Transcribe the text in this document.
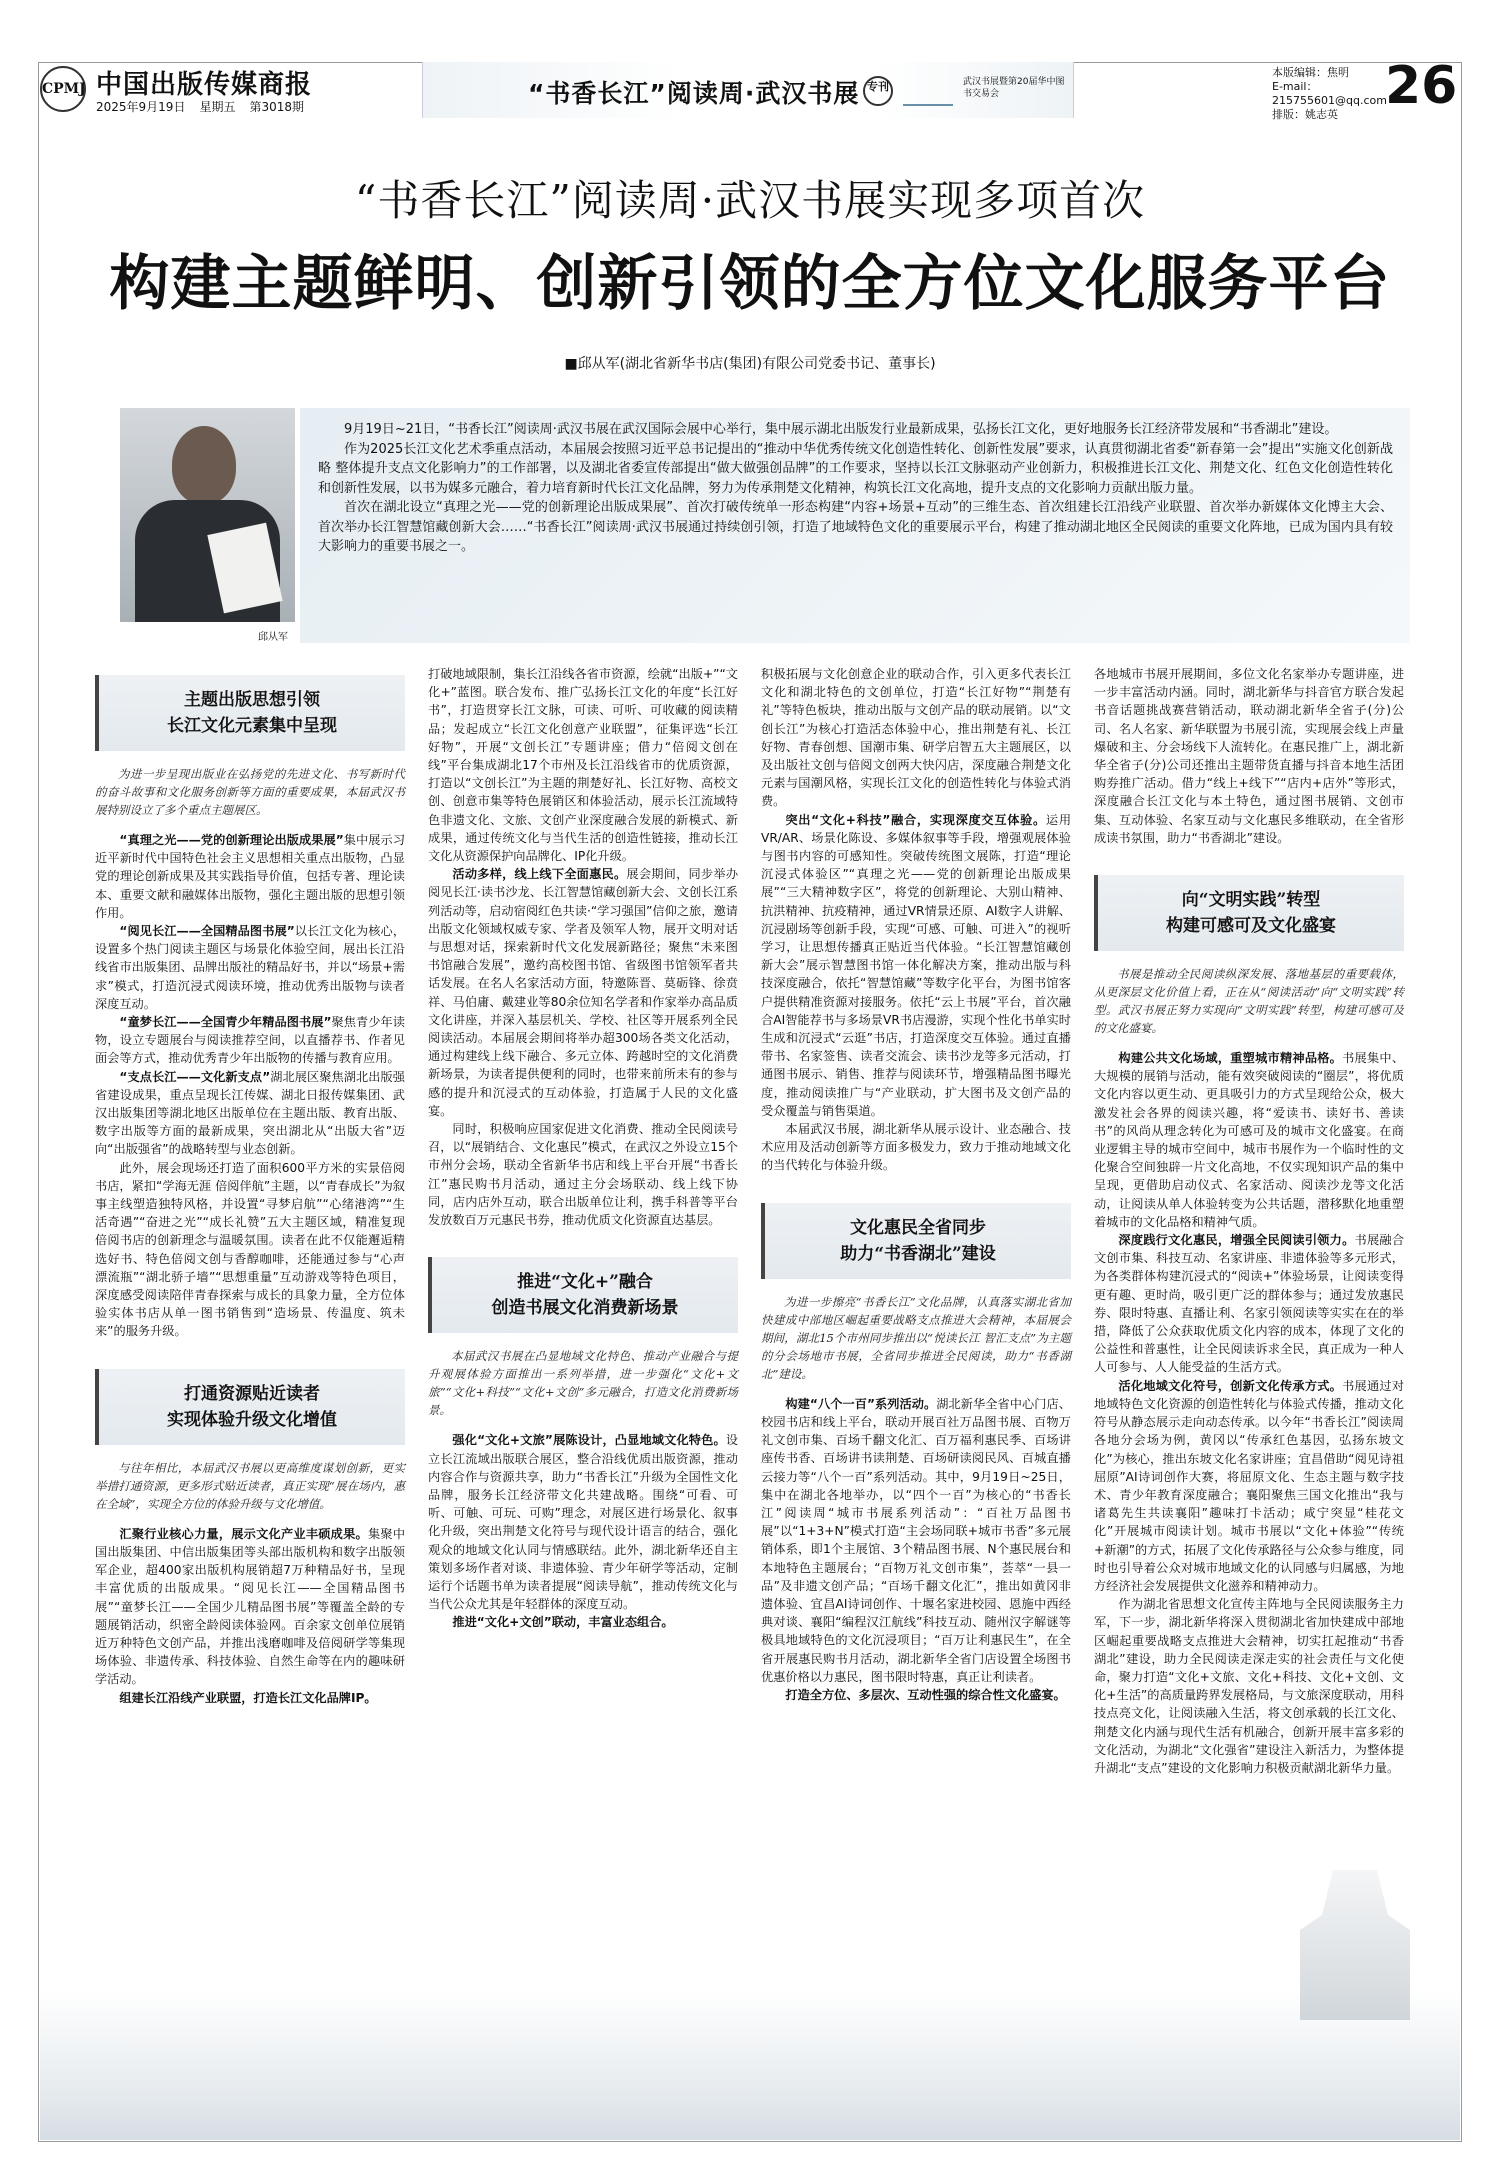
CPMJ 中国出版传媒商报
2025年9月19日 星期五 第3018期	“书香长江”阅读周·武汉书展 专刊	武汉书展暨第20届华中图书交易会
本版编辑：焦明
E-mail：215755601@qq.com
排版：姚志英 26
“书香长江”阅读周·武汉书展实现多项首次
构建主题鲜明、创新引领的全方位文化服务平台
■邱从军(湖北省新华书店(集团)有限公司党委书记、董事长)
邱从军

9月19日~21日，“书香长江”阅读周·武汉书展在武汉国际会展中心举行，集中展示湖北出版发行业最新成果，弘扬长江文化，更好地服务长江经济带发展和“书香湖北”建设。

作为2025长江文化艺术季重点活动，本届展会按照习近平总书记提出的“推动中华优秀传统文化创造性转化、创新性发展”要求，认真贯彻湖北省委“新春第一会”提出“实施文化创新战略 整体提升支点文化影响力”的工作部署，以及湖北省委宣传部提出“做大做强创品牌”的工作要求，坚持以长江文脉驱动产业创新力，积极推进长江文化、荆楚文化、红色文化创造性转化和创新性发展，以书为媒多元融合，着力培育新时代长江文化品牌，努力为传承荆楚文化精神，构筑长江文化高地，提升支点的文化影响力贡献出版力量。

首次在湖北设立“真理之光——党的创新理论出版成果展”、首次打破传统单一形态构建“内容+场景+互动”的三维生态、首次组建长江沿线产业联盟、首次举办新媒体文化博主大会、首次举办长江智慧馆藏创新大会……“书香长江”阅读周·武汉书展通过持续创引领，打造了地域特色文化的重要展示平台，构建了推动湖北地区全民阅读的重要文化阵地，已成为国内具有较大影响力的重要书展之一。

主题出版思想引领
长江文化元素集中呈现
为进一步呈现出版业在弘扬党的先进文化、书写新时代的奋斗故事和文化服务创新等方面的重要成果，本届武汉书展特别设立了多个重点主题展区。

“真理之光——党的创新理论出版成果展”集中展示习近平新时代中国特色社会主义思想相关重点出版物，凸显党的理论创新成果及其实践指导价值，包括专著、理论读本、重要文献和融媒体出版物，强化主题出版的思想引领作用。

“阅见长江——全国精品图书展”以长江文化为核心，设置多个热门阅读主题区与场景化体验空间，展出长江沿线省市出版集团、品牌出版社的精品好书，并以“场景+需求”模式，打造沉浸式阅读环境，推动优秀出版物与读者深度互动。

“童梦长江——全国青少年精品图书展”聚焦青少年读物，设立专题展台与阅读推荐空间，以直播荐书、作者见面会等方式，推动优秀青少年出版物的传播与教育应用。

“支点长江——文化新支点”湖北展区聚焦湖北出版强省建设成果，重点呈现长江传媒、湖北日报传媒集团、武汉出版集团等湖北地区出版单位在主题出版、教育出版、数字出版等方面的最新成果，突出湖北从“出版大省”迈向“出版强省”的战略转型与业态创新。

此外，展会现场还打造了面积600平方米的实景倍阅书店，紧扣“学海无涯 倍阅伴航”主题，以“青春成长”为叙事主线塑造独特风格，并设置“寻梦启航”“心绪港湾”“生活奇遇”“奋进之光”“成长礼赞”五大主题区域，精准复现倍阅书店的创新理念与温暖氛围。读者在此不仅能邂逅精选好书、特色倍阅文创与香醇咖啡，还能通过参与“心声漂流瓶”“湖北骄子墙”“思想重量”互动游戏等特色项目，深度感受阅读陪伴青春探索与成长的具象力量，全方位体验实体书店从单一图书销售到“造场景、传温度、筑未来”的服务升级。

打通资源贴近读者
实现体验升级文化增值
与往年相比，本届武汉书展以更高维度谋划创新，更实举措打通资源，更多形式贴近读者，真正实现“展在场内，惠在全域”，实现全方位的体验升级与文化增值。

汇聚行业核心力量，展示文化产业丰硕成果。集聚中国出版集团、中信出版集团等头部出版机构和数字出版领军企业，超400家出版机构展销超7万种精品好书，呈现丰富优质的出版成果。“阅见长江——全国精品图书展”“童梦长江——全国少儿精品图书展”等覆盖全龄的专题展销活动，织密全龄阅读体验网。百余家文创单位展销近万种特色文创产品，并推出浅磨咖啡及倍阅研学等集现场体验、非遗传承、科技体验、自然生命等在内的趣味研学活动。

组建长江沿线产业联盟，打造长江文化品牌IP。

打破地域限制，集长江沿线各省市资源，绘就“出版+”“文化+”蓝图。联合发布、推广弘扬长江文化的年度“长江好书”，打造贯穿长江文脉，可读、可听、可收藏的阅读精品；发起成立“长江文化创意产业联盟”，征集评选“长江好物”，开展“文创长江”专题讲座；借力“倍阅文创在线”平台集成湖北17个市州及长江沿线省市的优质资源，打造以“文创长江”为主题的荆楚好礼、长江好物、高校文创、创意市集等特色展销区和体验活动，展示长江流域特色非遗文化、文旅、文创产业深度融合发展的新模式、新成果，通过传统文化与当代生活的创造性链接，推动长江文化从资源保护向品牌化、IP化升级。

活动多样，线上线下全面惠民。展会期间，同步举办阅见长江·读书沙龙、长江智慧馆藏创新大会、文创长江系列活动等，启动宿阅红色共读·“学习强国”信仰之旅，邀请出版文化领域权威专家、学者及领军人物，展开文明对话与思想对话，探索新时代文化发展新路径；聚焦“未来图书馆融合发展”，邀约高校图书馆、省级图书馆领军者共话发展。在名人名家活动方面，特邀陈晋、莫砺锋、徐贲祥、马伯庸、戴建业等80余位知名学者和作家举办高品质文化讲座，并深入基层机关、学校、社区等开展系列全民阅读活动。本届展会期间将举办超300场各类文化活动，通过构建线上线下融合、多元立体、跨越时空的文化消费新场景，为读者提供便利的同时，也带来前所未有的参与感的提升和沉浸式的互动体验，打造属于人民的文化盛宴。

同时，积极响应国家促进文化消费、推动全民阅读号召，以“展销结合、文化惠民”模式，在武汉之外设立15个市州分会场，联动全省新华书店和线上平台开展“书香长江”惠民购书月活动，通过主分会场联动、线上线下协同，店内店外互动，联合出版单位让利，携手科普等平台发放数百万元惠民书券，推动优质文化资源直达基层。

推进“文化+”融合
创造书展文化消费新场景
本届武汉书展在凸显地域文化特色、推动产业融合与提升观展体验方面推出一系列举措，进一步强化“文化+文旅”“文化+科技”“文化+文创”多元融合，打造文化消费新场景。

强化“文化+文旅”展陈设计，凸显地域文化特色。设立长江流域出版联合展区，整合沿线优质出版资源，推动内容合作与资源共享，助力“书香长江”升级为全国性文化品牌，服务长江经济带文化共建战略。围绕“可看、可听、可触、可玩、可购”理念，对展区进行场景化、叙事化升级，突出荆楚文化符号与现代设计语言的结合，强化观众的地域文化认同与情感联结。此外，湖北新华还自主策划多场作者对谈、非遗体验、青少年研学等活动，定制运行个话题书单为读者提展“阅读导航”，推动传统文化与当代公众尤其是年轻群体的深度互动。

推进“文化+文创”联动，丰富业态组合。

积极拓展与文化创意企业的联动合作，引入更多代表长江文化和湖北特色的文创单位，打造“长江好物”“荆楚有礼”等特色板块，推动出版与文创产品的联动展销。以“文创长江”为核心打造活态体验中心，推出荆楚有礼、长江好物、青春创想、国潮市集、研学启智五大主题展区，以及出版社文创与倍阅文创两大快闪店，深度融合荆楚文化元素与国潮风格，实现长江文化的创造性转化与体验式消费。

突出“文化+科技”融合，实现深度交互体验。运用VR/AR、场景化陈设、多媒体叙事等手段，增强观展体验与图书内容的可感知性。突破传统图文展陈，打造“理论沉浸式体验区”“真理之光——党的创新理论出版成果展”“三大精神数字区”，将党的创新理论、大别山精神、抗洪精神、抗疫精神，通过VR情景还原、AI数字人讲解、沉浸剧场等创新手段，实现“可感、可触、可进入”的视听学习，让思想传播真正贴近当代体验。“长江智慧馆藏创新大会”展示智慧图书馆一体化解决方案，推动出版与科技深度融合，依托“智慧馆藏”等数字化平台，为图书馆客户提供精准资源对接服务。依托“云上书展”平台，首次融合AI智能荐书与多场景VR书店漫游，实现个性化书单实时生成和沉浸式“云逛”书店，打造深度交互体验。通过直播带书、名家签售、读者交流会、读书沙龙等多元活动，打通图书展示、销售、推荐与阅读环节，增强精品图书曝光度，推动阅读推广与“产业联动，扩大图书及文创产品的受众覆盖与销售渠道。

本届武汉书展，湖北新华从展示设计、业态融合、技术应用及活动创新等方面多极发力，致力于推动地域文化的当代转化与体验升级。

文化惠民全省同步
助力“书香湖北”建设
为进一步擦亮“书香长江”文化品牌，认真落实湖北省加快建成中部地区崛起重要战略支点推进大会精神，本届展会期间，湖北15个市州同步推出以“悦读长江 智汇支点”为主题的分会场地市书展，全省同步推进全民阅读，助力“书香湖北”建设。

构建“八个一百”系列活动。湖北新华全省中心门店、校园书店和线上平台，联动开展百社万品图书展、百物万礼文创市集、百场千翻文化汇、百万福利惠民季、百场讲座传书香、百场讲书读荆楚、百场研读阅民风、百城直播云接力等“八个一百”系列活动。其中，9月19日~25日，集中在湖北各地举办，以“四个一百”为核心的“书香长江”阅读周“城市书展系列活动”：“百社万品图书展”以“1+3+N”模式打造“主会场同联+城市书香”多元展销体系，即1个主展馆、3个精品图书展、N个惠民展台和本地特色主题展台；“百物万礼文创市集”，荟萃“一县一品”及非遗文创产品；“百场千翻文化汇”，推出如黄冈非遗体验、宜昌AI诗词创作、十堰名家进校园、恩施中西经典对谈、襄阳“编程汉江航线”科技互动、随州汉字解谜等极具地域特色的文化沉浸项目；“百万让利惠民生”，在全省开展惠民购书月活动，湖北新华全省门店设置全场图书优惠价格以力惠民，图书限时特惠，真正让利读者。

打造全方位、多层次、互动性强的综合性文化盛宴。

各地城市书展开展期间，多位文化名家举办专题讲座，进一步丰富活动内涵。同时，湖北新华与抖音官方联合发起书音话题挑战赛营销活动，联动湖北新华全省子(分)公司、名人名家、新华联盟为书展引流，实现展会线上声量爆破和主、分会场线下人流转化。在惠民推广上，湖北新华全省子(分)公司还推出主题带货直播与抖音本地生活团购券推广活动。借力“线上+线下”“店内+店外”等形式，深度融合长江文化与本土特色，通过图书展销、文创市集、互动体验、名家互动与文化惠民多维联动，在全省形成读书氛围，助力“书香湖北”建设。

向“文明实践”转型
构建可感可及文化盛宴
书展是推动全民阅读纵深发展、落地基层的重要载体，从更深层文化价值上看，正在从“阅读活动”向“文明实践”转型。武汉书展正努力实现向“文明实践”转型，构建可感可及的文化盛宴。

构建公共文化场域，重塑城市精神品格。书展集中、大规模的展销与活动，能有效突破阅读的“圈层”，将优质文化内容以更生动、更具吸引力的方式呈现给公众，极大激发社会各界的阅读兴趣，将“爱读书、读好书、善读书”的风尚从理念转化为可感可及的城市文化盛宴。在商业逻辑主导的城市空间中，城市书展作为一个临时性的文化聚合空间独辟一片文化高地，不仅实现知识产品的集中呈现，更借助启动仪式、名家活动、阅读沙龙等文化活动，让阅读从单人体验转变为公共话题，潜移默化地重塑着城市的文化品格和精神气质。

深度践行文化惠民，增强全民阅读引领力。书展融合文创市集、科技互动、名家讲座、非遗体验等多元形式，为各类群体构建沉浸式的“阅读+”体验场景，让阅读变得更有趣、更时尚，吸引更广泛的群体参与；通过发放惠民券、限时特惠、直播让利、名家引领阅读等实实在在的举措，降低了公众获取优质文化内容的成本，体现了文化的公益性和普惠性，让全民阅读诉求全民，真正成为一种人人可参与、人人能受益的生活方式。

活化地域文化符号，创新文化传承方式。书展通过对地域特色文化资源的创造性转化与体验式传播，推动文化符号从静态展示走向动态传承。以今年“书香长江”阅读周各地分会场为例，黄冈以“传承红色基因，弘扬东坡文化”为核心，推出东坡文化名家讲座；宜昌借助“阅见诗祖屈原”AI诗词创作大赛，将屈原文化、生态主题与数字技术、青少年教育深度融合；襄阳聚焦三国文化推出“我与诸葛先生共读襄阳”趣味打卡活动；咸宁突显“桂花文化”开展城市阅读计划。城市书展以“文化+体验”“传统+新潮”的方式，拓展了文化传承路径与公众参与维度，同时也引导着公众对城市地域文化的认同感与归属感，为地方经济社会发展提供文化滋养和精神动力。

作为湖北省思想文化宣传主阵地与全民阅读服务主力军，下一步，湖北新华将深入贯彻湖北省加快建成中部地区崛起重要战略支点推进大会精神，切实扛起推动“书香湖北”建设，助力全民阅读走深走实的社会责任与文化使命，聚力打造“文化+文旅、文化+科技、文化+文创、文化+生活”的高质量跨界发展格局，与文旅深度联动，用科技点亮文化，让阅读融入生活，将文创承载的长江文化、荆楚文化内涵与现代生活有机融合，创新开展丰富多彩的文化活动，为湖北“文化强省”建设注入新活力，为整体提升湖北“支点”建设的文化影响力积极贡献湖北新华力量。
